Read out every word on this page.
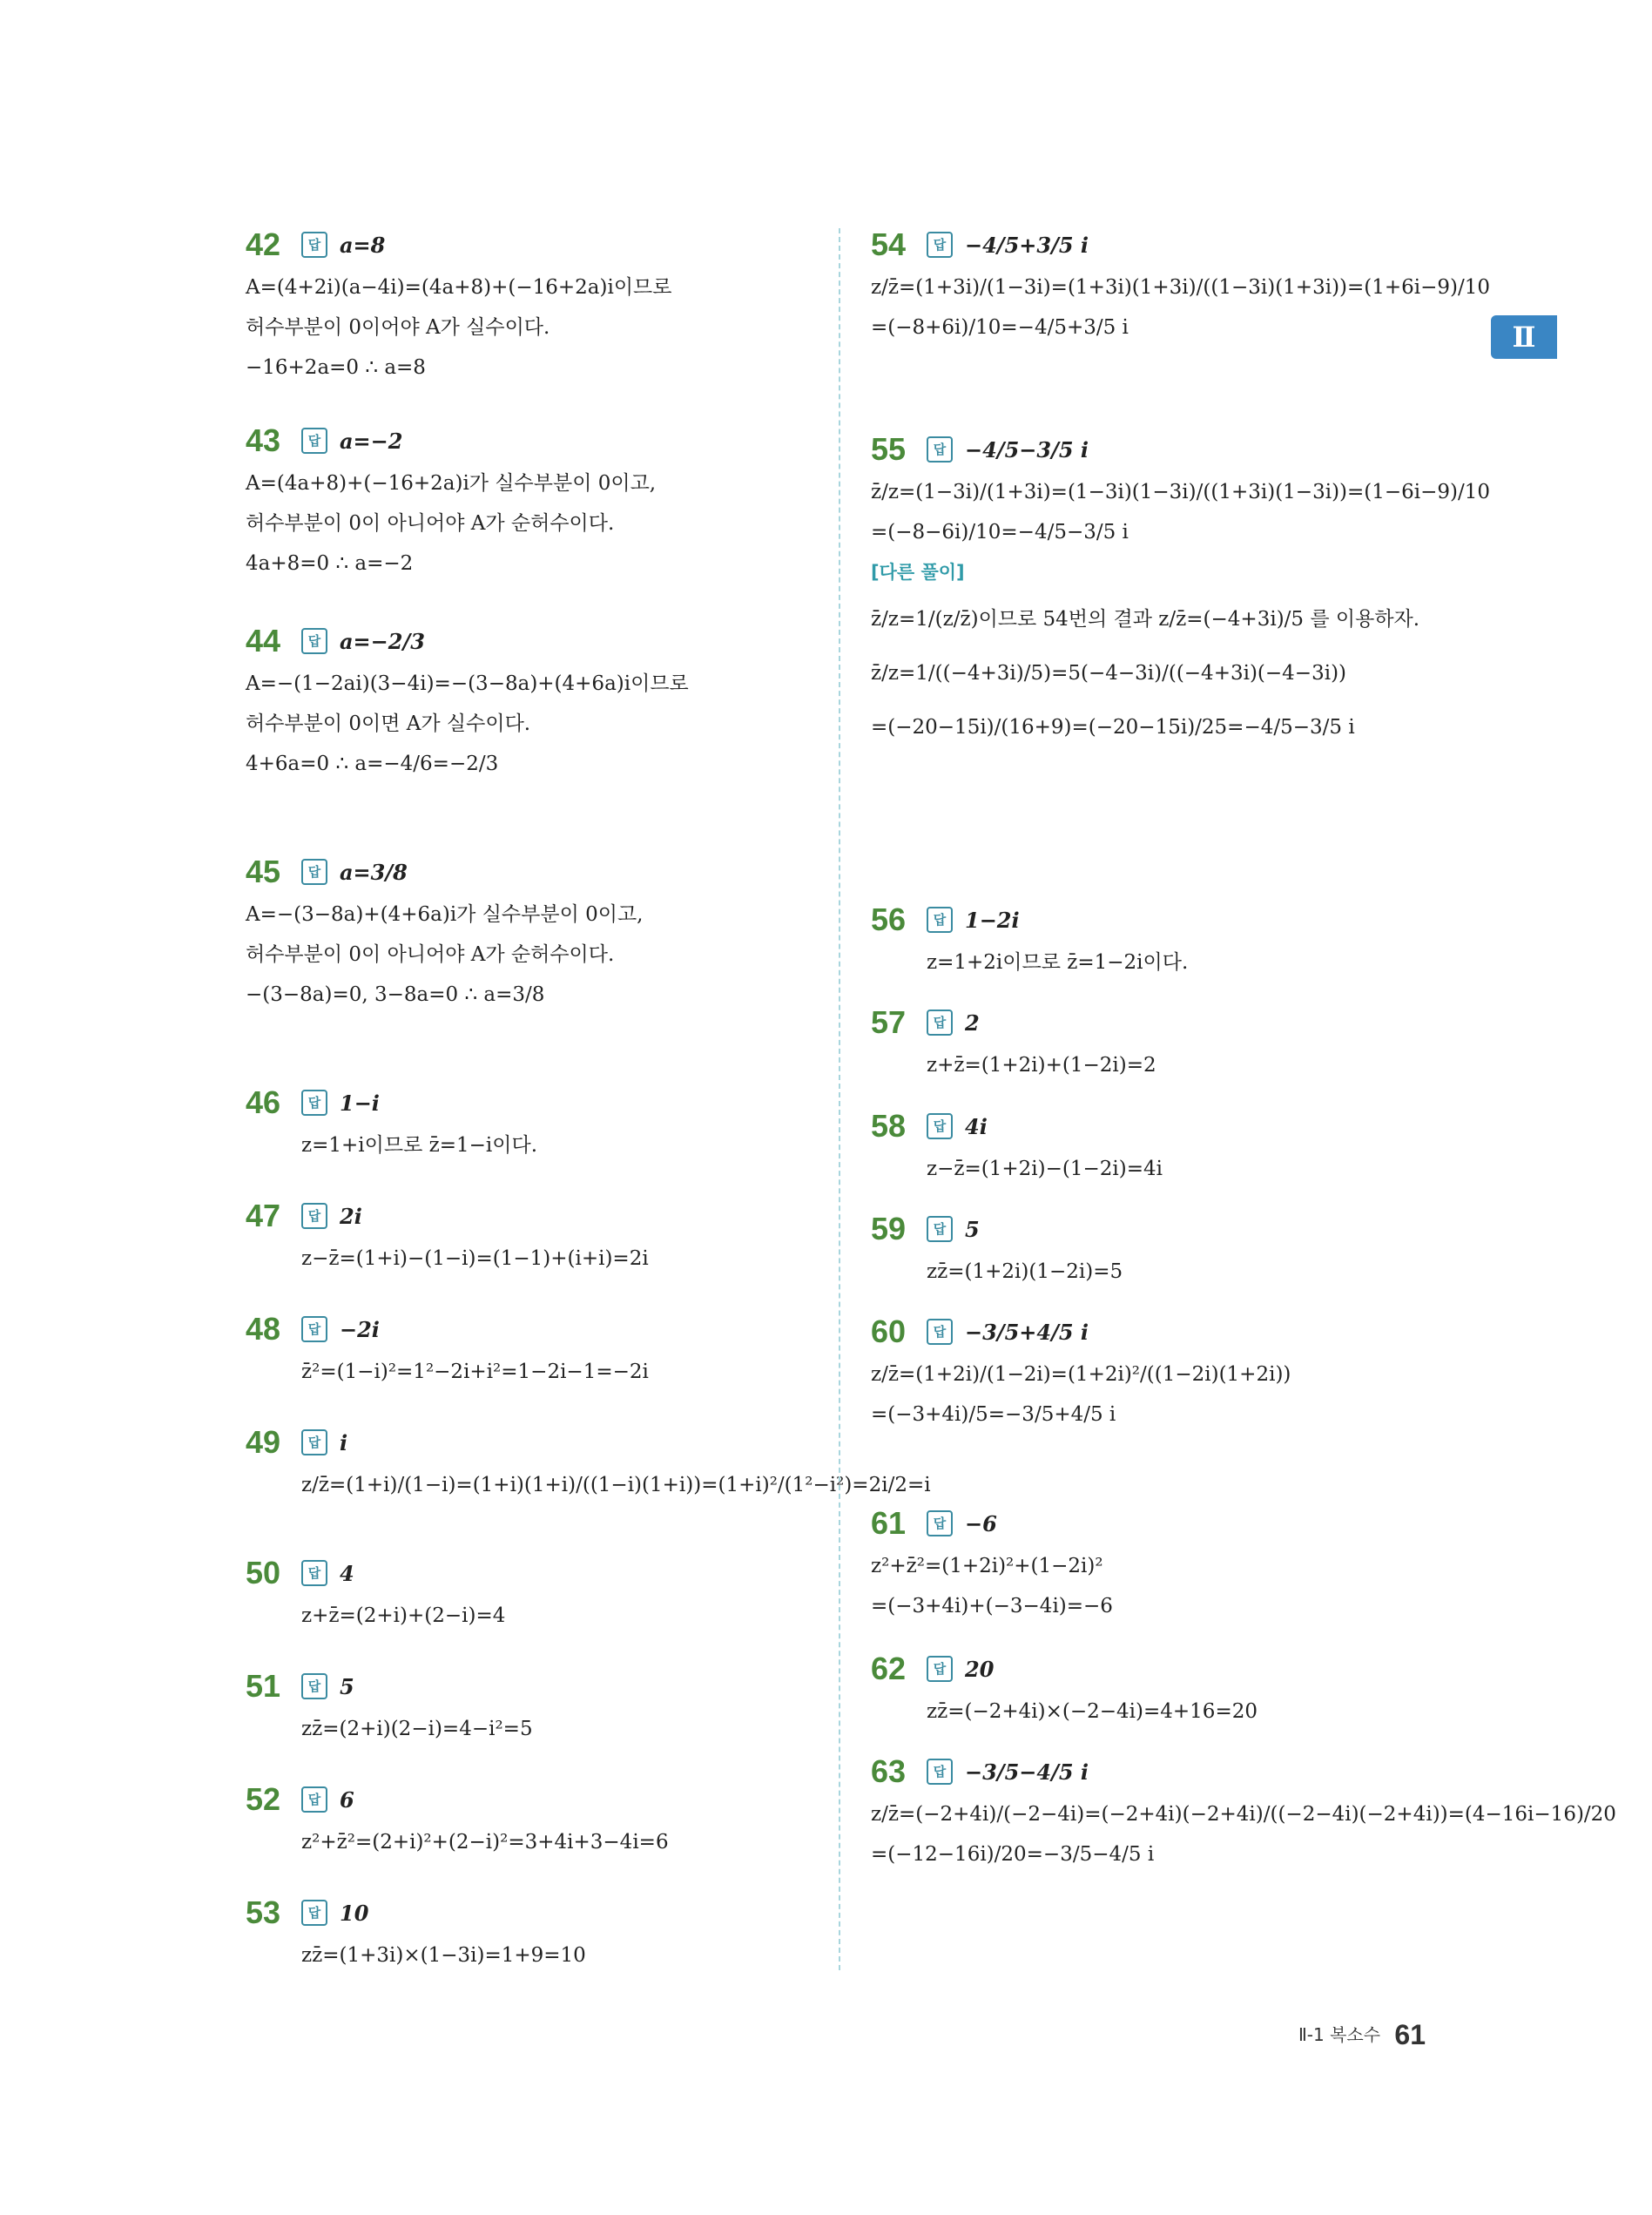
42	답 a=8
A=(4+2i)(a−4i)=(4a+8)+(−16+2a)i이므로
허수부분이 0이어야 A가 실수이다.
−16+2a=0 ∴ a=8
43	답 a=−2
A=(4a+8)+(−16+2a)i가 실수부분이 0이고,
허수부분이 0이 아니어야 A가 순허수이다.
4a+8=0 ∴ a=−2
44	답 a=−2/3
A=−(1−2ai)(3−4i)=−(3−8a)+(4+6a)i이므로
허수부분이 0이면 A가 실수이다.
4+6a=0 ∴ a=−4/6=−2/3
45	답 a=3/8
A=−(3−8a)+(4+6a)i가 실수부분이 0이고,
허수부분이 0이 아니어야 A가 순허수이다.
−(3−8a)=0, 3−8a=0 ∴ a=3/8
46	답 1−i
z=1+i이므로 z̄=1−i이다.
47	답 2i
z−z̄=(1+i)−(1−i)=(1−1)+(i+i)=2i
48	답 −2i
z̄²=(1−i)²=1²−2i+i²=1−2i−1=−2i
49	답 i
z/z̄=(1+i)/(1−i)=(1+i)(1+i)/((1−i)(1+i))=(1+i)²/(1²−i²)=2i/2=i
50	답 4
z+z̄=(2+i)+(2−i)=4
51	답 5
zz̄=(2+i)(2−i)=4−i²=5
52	답 6
z²+z̄²=(2+i)²+(2−i)²=3+4i+3−4i=6
53	답 10
zz̄=(1+3i)×(1−3i)=1+9=10
54	답 −4/5+3/5 i
z/z̄=(1+3i)/(1−3i)=(1+3i)(1+3i)/((1−3i)(1+3i))=(1+6i−9)/10
=(−8+6i)/10=−4/5+3/5 i
55	답 −4/5−3/5 i
z̄/z=(1−3i)/(1+3i)=(1−3i)(1−3i)/((1+3i)(1−3i))=(1−6i−9)/10
=(−8−6i)/10=−4/5−3/5 i
[다른 풀이]
z̄/z=1/(z/z̄)이므로 54번의 결과 z/z̄=(−4+3i)/5 를 이용하자.
z̄/z=1/((−4+3i)/5)=5(−4−3i)/((−4+3i)(−4−3i))
=(−20−15i)/(16+9)=(−20−15i)/25=−4/5−3/5 i
56	답 1−2i
z=1+2i이므로 z̄=1−2i이다.
57	답 2
z+z̄=(1+2i)+(1−2i)=2
58	답 4i
z−z̄=(1+2i)−(1−2i)=4i
59	답 5
zz̄=(1+2i)(1−2i)=5
60	답 −3/5+4/5 i
z/z̄=(1+2i)/(1−2i)=(1+2i)²/((1−2i)(1+2i))
=(−3+4i)/5=−3/5+4/5 i
61	답 −6
z²+z̄²=(1+2i)²+(1−2i)²
=(−3+4i)+(−3−4i)=−6
62	답 20
zz̄=(−2+4i)×(−2−4i)=4+16=20
63	답 −3/5−4/5 i
z/z̄=(−2+4i)/(−2−4i)=(−2+4i)(−2+4i)/((−2−4i)(−2+4i))=(4−16i−16)/20
=(−12−16i)/20=−3/5−4/5 i
Ⅱ
Ⅱ-1 복소수 61
